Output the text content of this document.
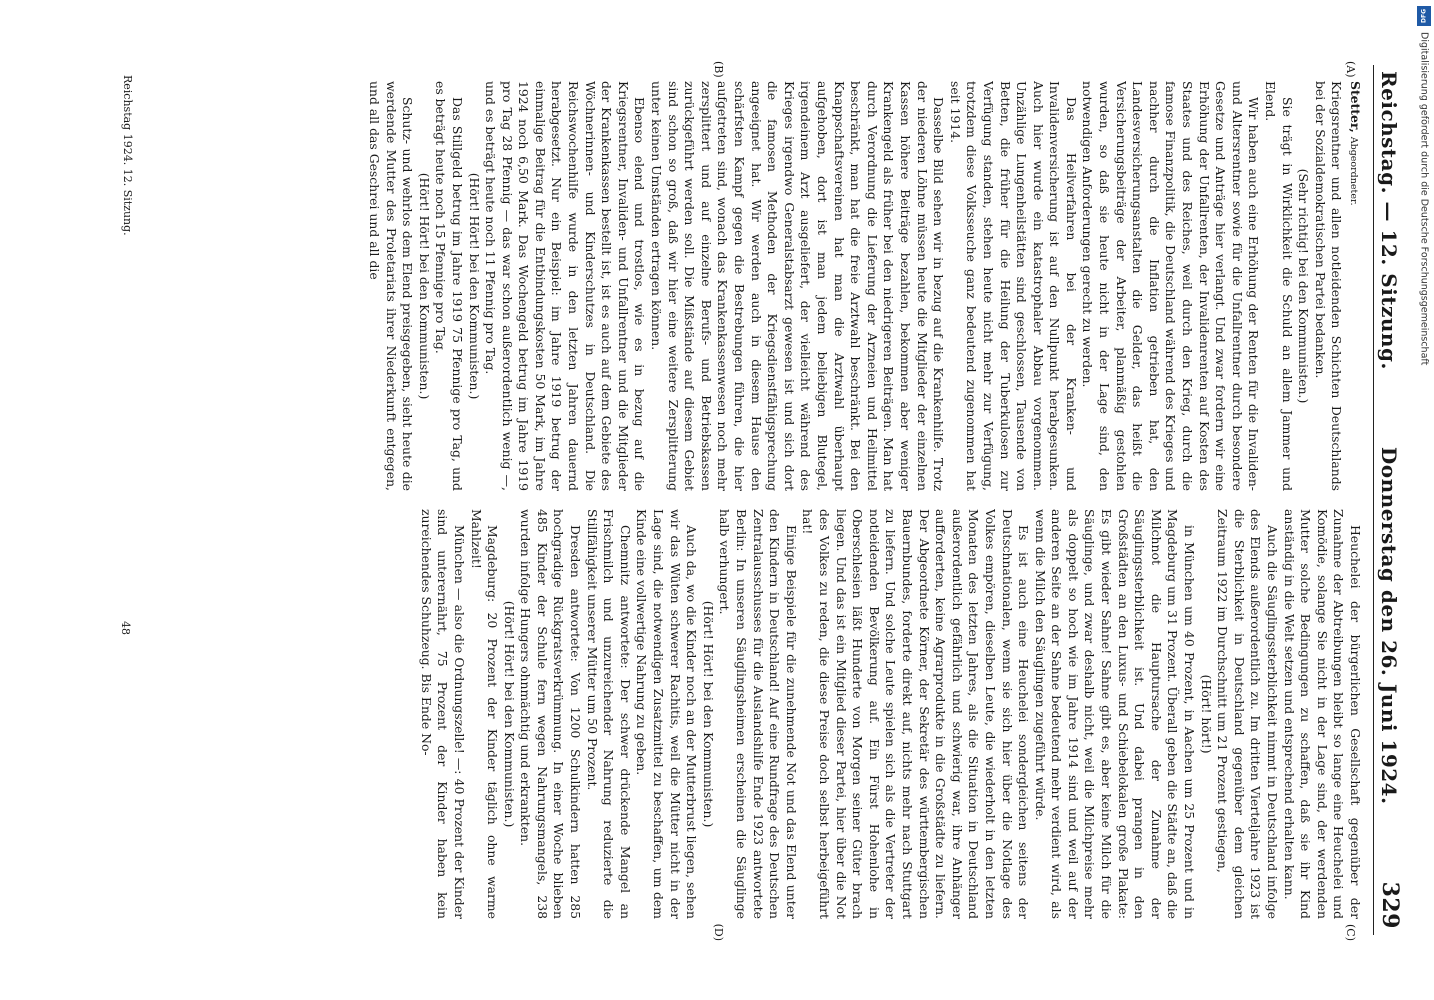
Reichstag. — 12. Sitzung.
Donnerstag den 26. Juni 1924.
329
(A)
(B)
(C)
(D)

Stetter, Abgeordneter.

Kriegsrentner und allen notleidenden Schichten Deutschlands bei der Sozialdemokratischen Partei bedanken.

(Sehr richtig! bei den Kommunisten.)

Sie trägt in Wirklichkeit die Schuld an allem Jammer und Elend.

Wir haben auch eine Erhöhung der Renten für die Invaliden- und Altersrentner sowie für die Unfallrentner durch besondere Gesetze und Anträge hier verlangt. Und zwar fordern wir eine Erhöhung der Unfallrenten, der Invalidenrenten auf Kosten des Staates und des Reiches, weil durch den Krieg, durch die famose Finanzpolitik, die Deutschland während des Krieges und nachher durch die Inflation getrieben hat, den Landesversicherungsanstalten die Gelder, das heißt die Versicherungsbeiträge der Arbeiter, planmäßig gestohlen wurden, so daß sie heute nicht in der Lage sind, den notwendigen Anforderungen gerecht zu werden.

Das Heilverfahren bei der Kranken- und Invalidenversicherung ist auf den Nullpunkt herabgesunken. Auch hier wurde ein katastrophaler Abbau vorgenommen. Unzählige Lungenheilstätten sind geschlossen, Tausende von Betten, die früher für die Heilung der Tuberkulosen zur Verfügung standen, stehen heute nicht mehr zur Verfügung, trotzdem diese Volksseuche ganz bedeutend zugenommen hat seit 1914.

Dasselbe Bild sehen wir in bezug auf die Krankenhilfe. Trotz der niederen Löhne müssen heute die Mitglieder der einzelnen Kassen höhere Beiträge bezahlen, bekommen aber weniger Krankengeld als früher bei den niedrigeren Beiträgen. Man hat durch Verordnung die Lieferung der Arzneien und Heilmittel beschränkt, man hat die freie Arztwahl beschränkt. Bei den Knappschaftsvereinen hat man die Arztwahl überhaupt aufgehoben, dort ist man jedem beliebigen Blutegel, irgendeinem Arzt ausgeliefert, der vielleicht während des Krieges irgendwo Generalstabsarzt gewesen ist und sich dort die famosen Methoden der Kriegsdienstfähigsprechung angeeignet hat. Wir werden auch in diesem Hause den schärfsten Kampf gegen die Bestrebungen führen, die hier aufgetreten sind, wonach das Krankenkassenwesen noch mehr zersplittert und auf einzelne Berufs- und Betriebskassen zurückgeführt werden soll. Die Mißstände auf diesem Gebiet sind schon so groß, daß wir hier eine weitere Zersplitterung unter keinen Umständen ertragen können.

Ebenso elend und trostlos, wie es in bezug auf die Kriegsrentner, Invaliden- und Unfallrentner und die Mitglieder der Krankenkassen bestellt ist, ist es auch auf dem Gebiete des Wöchnerinnen- und Kinderschutzes in Deutschland. Die Reichswochenhilfe wurde in den letzten Jahren dauernd herabgesetzt. Nur ein Beispiel: im Jahre 1919 betrug der einmalige Beitrag für die Entbindungskosten 50 Mark, im Jahre 1924 noch 6,50 Mark. Das Wochengeld betrug im Jahre 1919 pro Tag 28 Pfennig — das war schon außerordentlich wenig —, und es beträgt heute noch 11 Pfennig pro Tag.

(Hört! Hört! bei den Kommunisten.)

Das Stillgeld betrug im Jahre 1919 75 Pfennige pro Tag, und es beträgt heute noch 15 Pfennige pro Tag.

(Hört! Hört! bei den Kommunisten.)

Schutz- und wehrlos dem Elend preisgegeben, sieht heute die werdende Mutter des Proletariats ihrer Niederkunft entgegen, und all das Geschrei und all die

Heuchelei der bürgerlichen Gesellschaft gegenüber der Zunahme der Abtreibungen bleibt so lange eine Heuchelei und Komödie, solange Sie nicht in der Lage sind, der werdenden Mutter solche Bedingungen zu schaffen, daß sie ihr Kind anständig in die Welt setzen und entsprechend erhalten kann.

Auch die Säuglingssterblichkeit nimmt in Deutschland infolge des Elends außerordentlich zu. Im dritten Vierteljahre 1923 ist die Sterblichkeit in Deutschland gegenüber dem gleichen Zeitraum 1922 im Durchschnitt um 21 Prozent gestiegen,

(Hört! hört!)

in München um 40 Prozent, in Aachen um 25 Prozent und in Magdeburg um 31 Prozent. Überall geben die Städte an, daß die Milchnot die Hauptursache der Zunahme der Säuglingssterblichkeit ist. Und dabei prangen in den Großstädten an den Luxus- und Schiebelokalen große Plakate: Es gibt wieder Sahne! Sahne gibt es, aber keine Milch für die Säuglinge, und zwar deshalb nicht, weil die Milchpreise mehr als doppelt so hoch wie im Jahre 1914 sind und weil auf der anderen Seite an der Sahne bedeutend mehr verdient wird, als wenn die Milch den Säuglingen zugeführt würde.

Es ist auch eine Heuchelei sondergleichen seitens der Deutschnationalen, wenn sie sich hier über die Notlage des Volkes empören, dieselben Leute, die wiederholt in den letzten Monaten des letzten Jahres, als die Situation in Deutschland außerordentlich gefährlich und schwierig war, ihre Anhänger aufforderten, keine Agrarprodukte in die Großstädte zu liefern. Der Abgeordnete Körner, der Sekretär des württembergischen Bauernbundes, forderte direkt auf, nichts mehr nach Stuttgart zu liefern. Und solche Leute spielen sich als die Vertreter der notleidenden Bevölkerung auf. Ein Fürst Hohenlohe in Oberschlesien läßt Hunderte von Morgen seiner Güter brach liegen. Und das ist ein Mitglied dieser Partei, hier über die Not des Volkes zu reden, die diese Preise doch selbst herbeigeführt hat!

Einige Beispiele für die zunehmende Not und das Elend unter den Kindern in Deutschland! Auf eine Rundfrage des Deutschen Zentralausschusses für die Auslandshilfe Ende 1923 antwortete Berlin: In unseren Säuglingsheimen erscheinen die Säuglinge halb verhungert.

(Hört! Hört! bei den Kommunisten.)

Auch da, wo die Kinder noch an der Mutterbrust liegen, sehen wir das Wüten schwerer Rachitis, weil die Mütter nicht in der Lage sind, die notwendigen Zusatzmittel zu beschaffen, um dem Kinde eine vollwertige Nahrung zu geben.

Chemnitz antwortete: Der schwer drückende Mangel an Frischmilch und unzureichender Nahrung reduzierte die Stillfähigkeit unserer Mütter um 50 Prozent.

Dresden antwortete: Von 1200 Schulkindern hatten 285 hochgradige Rückgratsverkrümmung. In einer Woche blieben 485 Kinder der Schule fern wegen Nahrungsmangels, 238 wurden infolge Hungers ohnmächtig und erkrankten.

(Hört! Hört! bei den Kommunisten.)

Magdeburg: 20 Prozent der Kinder täglich ohne warme Mahlzeit!

München — also die Ordnungszelle! —: 40 Prozent der Kinder sind unterernährt, 75 Prozent der Kinder haben kein zureichendes Schuhzeug. Bis Ende No-

Reichstag 1924. 12. Sitzung.
48
DFG
Digitalisierung gefördert durch die Deutsche Forschungsgemeinschaft
